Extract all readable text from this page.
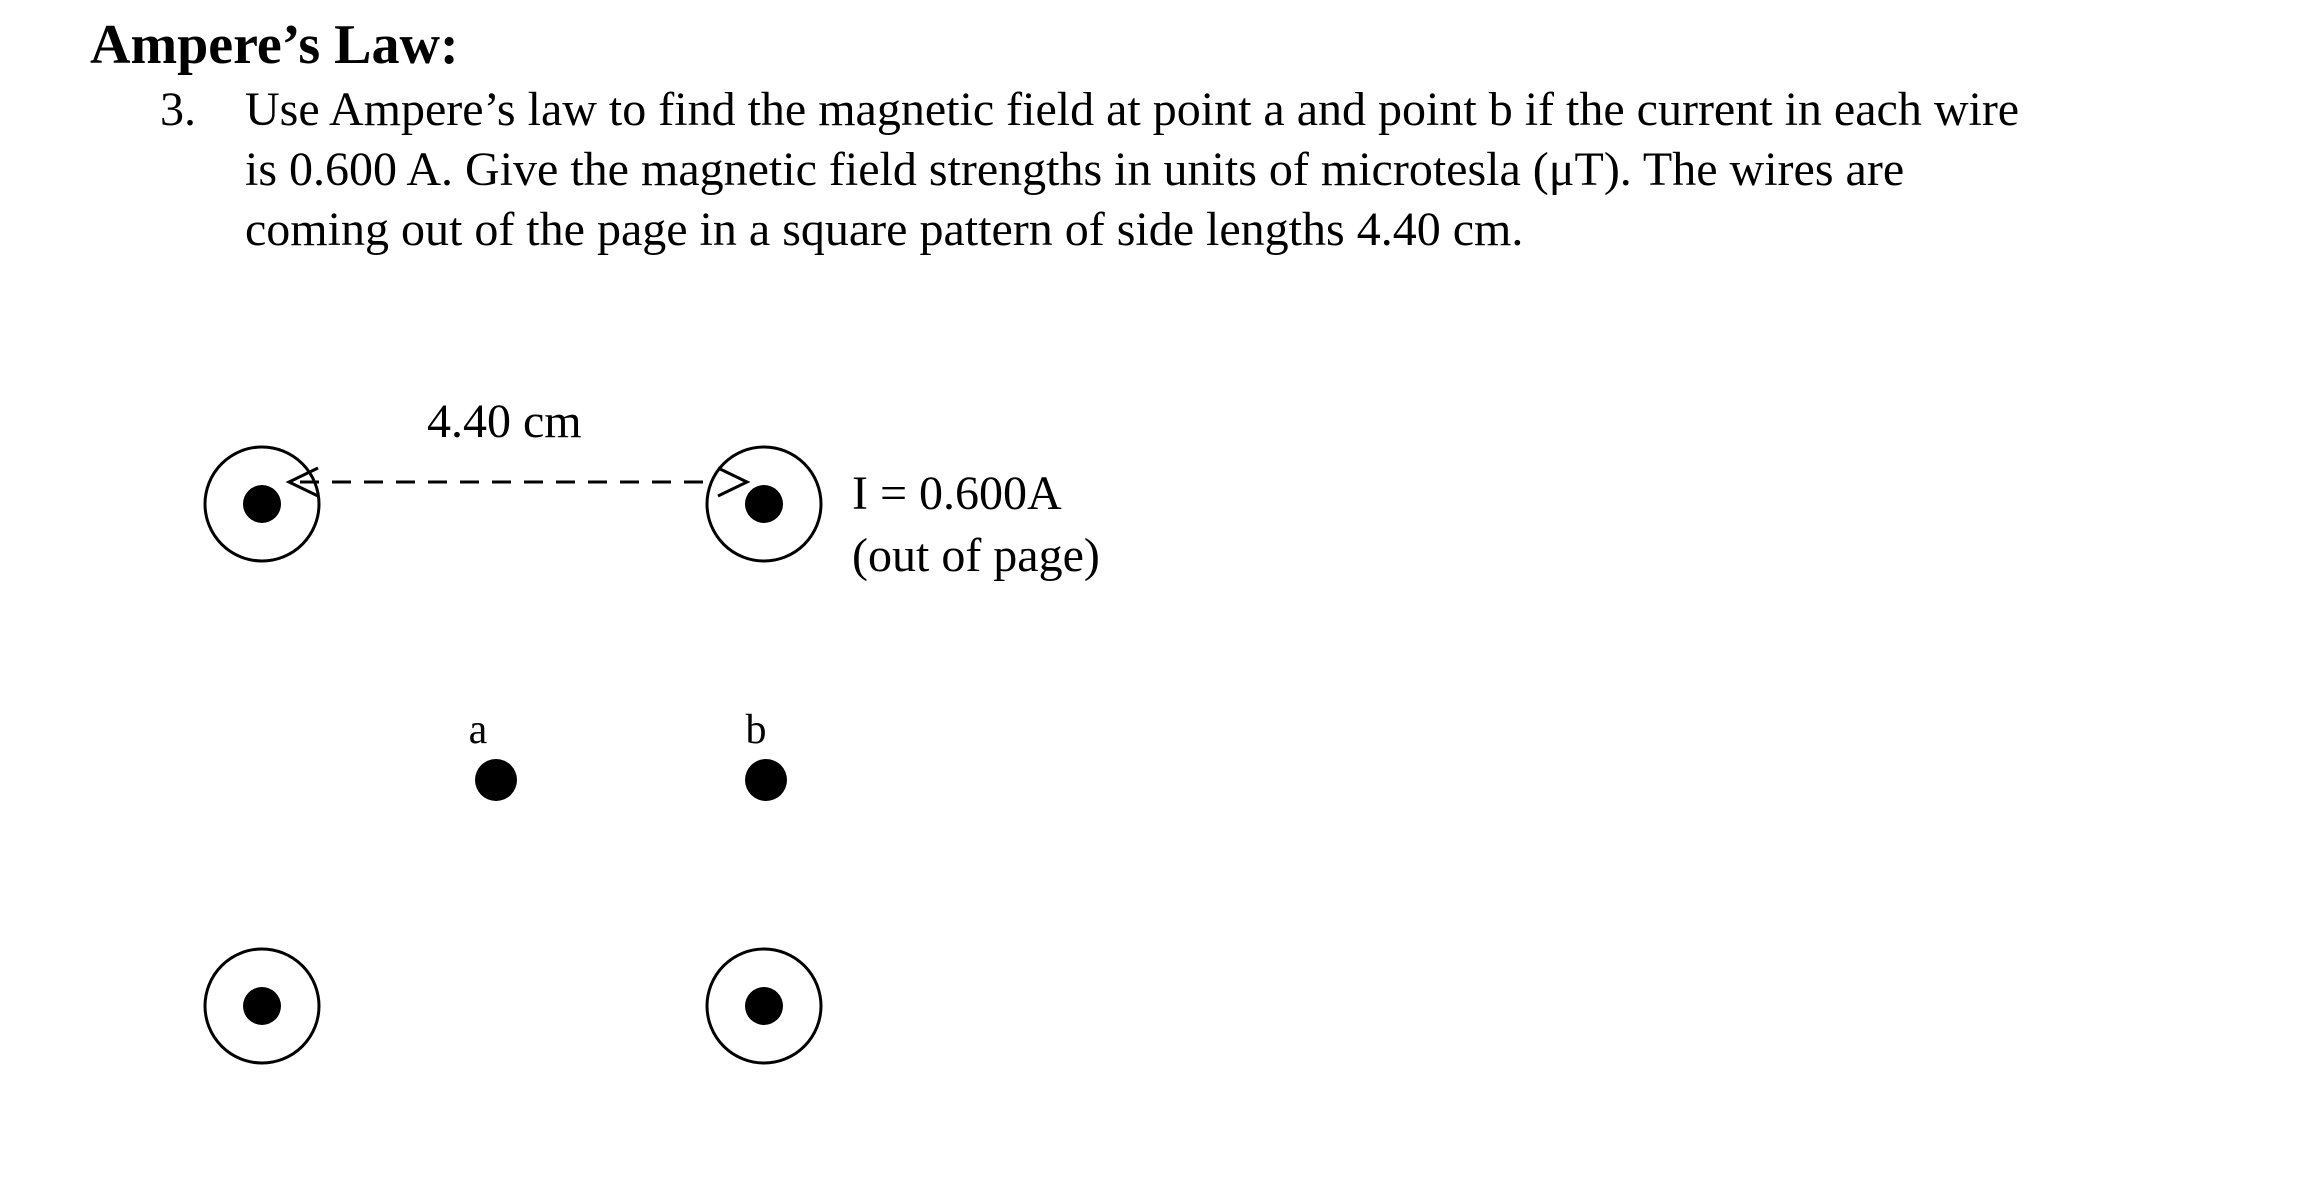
Ampere’s Law:
3. Use Ampere’s law to find the magnetic field at point a and point b if the current in each wire
is 0.600 A. Give the magnetic field strengths in units of microtesla (μT). The wires are
coming out of the page in a square pattern of side lengths 4.40 cm.
4.40 cm
I = 0.600A
(out of page)
a	b
